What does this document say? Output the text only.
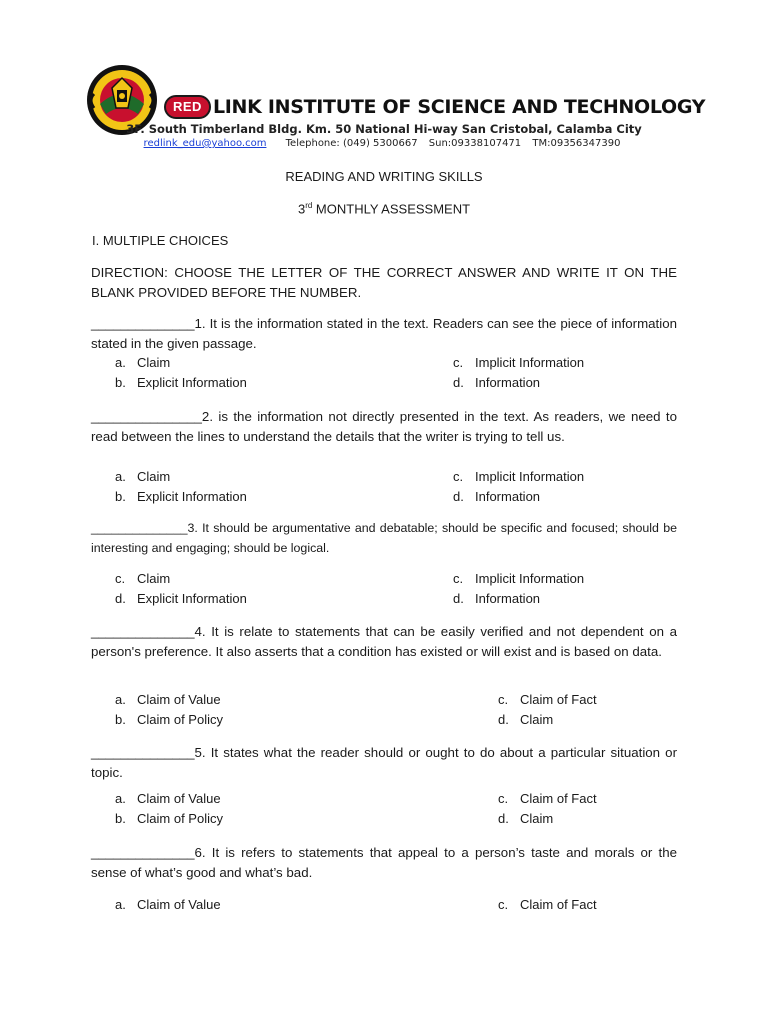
RED LINK INSTITUTE OF SCIENCE AND TECHNOLOGY
3F. South Timberland Bldg. Km. 50 National Hi-way San Cristobal, Calamba City
redlink_edu@yahoo.com Telephone: (049) 5300667 Sun:09338107471 TM:09356347390
READING AND WRITING SKILLS
3rd MONTHLY ASSESSMENT
I. MULTIPLE CHOICES
DIRECTION: CHOOSE THE LETTER OF THE CORRECT ANSWER AND WRITE IT ON THE BLANK PROVIDED BEFORE THE NUMBER.
______________1. It is the information stated in the text. Readers can see the piece of information stated in the given passage.
a. Claim
b. Explicit Information
c. Implicit Information
d. Information
_______________2. is the information not directly presented in the text. As readers, we need to read between the lines to understand the details that the writer is trying to tell us.
a. Claim
b. Explicit Information
c. Implicit Information
d. Information
______________3. It should be argumentative and debatable; should be specific and focused; should be interesting and engaging; should be logical.
c. Claim
d. Explicit Information
c. Implicit Information
d. Information
______________4. It is relate to statements that can be easily verified and not dependent on a person's preference. It also asserts that a condition has existed or will exist and is based on data.
a. Claim of Value
b. Claim of Policy
c. Claim of Fact
d. Claim
______________5. It states what the reader should or ought to do about a particular situation or topic.
a. Claim of Value
b. Claim of Policy
c. Claim of Fact
d. Claim
______________6. It is refers to statements that appeal to a person’s taste and morals or the sense of what’s good and what’s bad.
a. Claim of Value	c. Claim of Fact
